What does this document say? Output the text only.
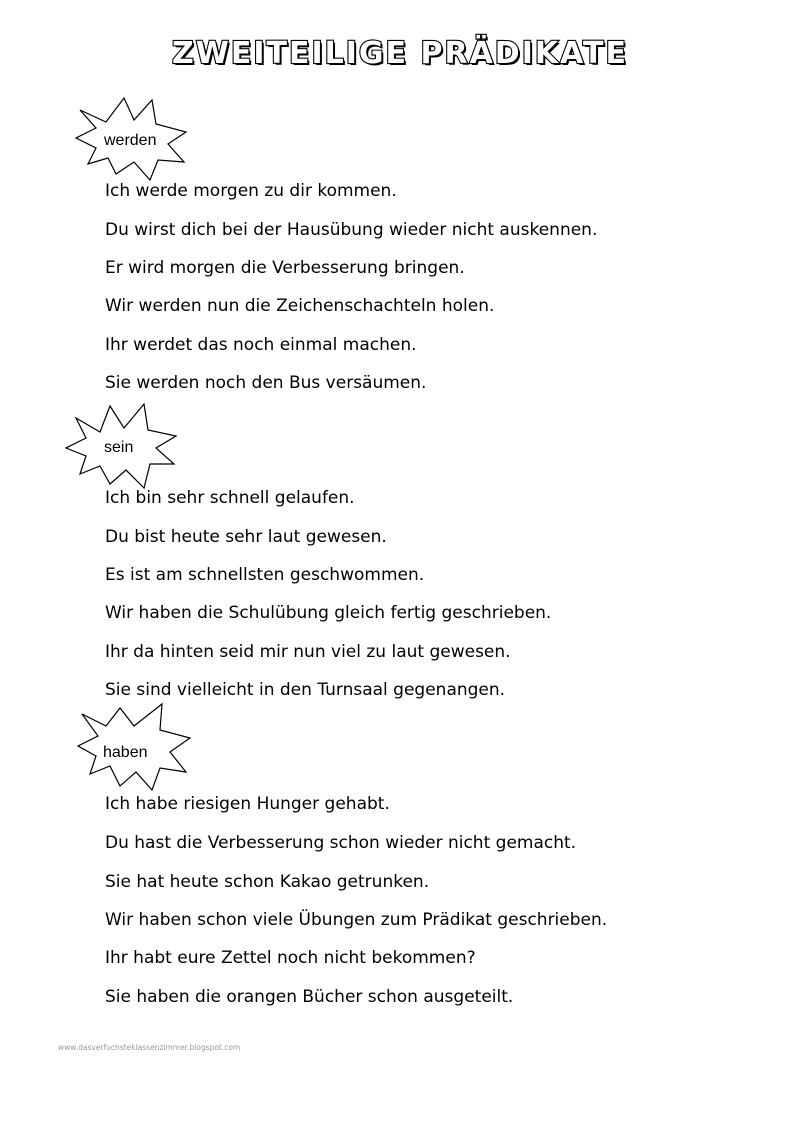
ZWEITEILIGE PRÄDIKATE
werden
Ich werde morgen zu dir kommen.
Du wirst dich bei der Hausübung wieder nicht auskennen.
Er wird morgen die Verbesserung bringen.
Wir werden nun die Zeichenschachteln holen.
Ihr werdet das noch einmal machen.
Sie werden noch den Bus versäumen.
sein
Ich bin sehr schnell gelaufen.
Du bist heute sehr laut gewesen.
Es ist am schnellsten geschwommen.
Wir haben die Schulübung gleich fertig geschrieben.
Ihr da hinten seid mir nun viel zu laut gewesen.
Sie sind vielleicht in den Turnsaal gegenangen.
haben
Ich habe riesigen Hunger gehabt.
Du hast die Verbesserung schon wieder nicht gemacht.
Sie hat heute schon Kakao getrunken.
Wir haben schon viele Übungen zum Prädikat geschrieben.
Ihr habt eure Zettel noch nicht bekommen?
Sie haben die orangen Bücher schon ausgeteilt.
www.dasverfuchsteklassenzimmer.blogspot.com
